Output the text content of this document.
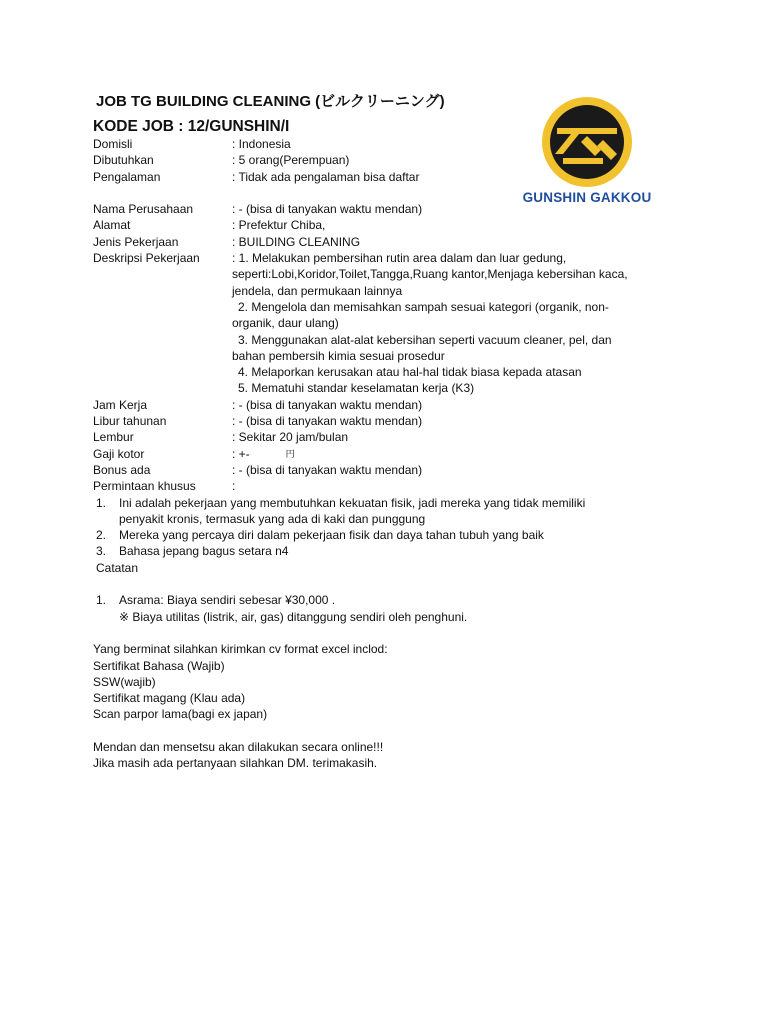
JOB TG BUILDING CLEANING (ビルクリーニング)
KODE JOB : 12/GUNSHIN/I
GUNSHIN GAKKOU
Domisli	: Indonesia
Dibutuhkan	: 5 orang(Perempuan)
Pengalaman	: Tidak ada pengalaman bisa daftar
Nama Perusahaan	: - (bisa di tanyakan waktu mendan)
Alamat	: Prefektur Chiba,
Jenis Pekerjaan	: BUILDING CLEANING
Deskripsi Pekerjaan	: 1. Melakukan pembersihan rutin area dalam dan luar gedung,
seperti:Lobi,Koridor,Toilet,Tangga,Ruang kantor,Menjaga kebersihan kaca,
jendela, dan permukaan lainnya
2. Mengelola dan memisahkan sampah sesuai kategori (organik, non-
organik, daur ulang)
3. Menggunakan alat-alat kebersihan seperti vacuum cleaner, pel, dan
bahan pembersih kimia sesuai prosedur
4. Melaporkan kerusakan atau hal-hal tidak biasa kepada atasan
5. Mematuhi standar keselamatan kerja (K3)
Jam Kerja	: - (bisa di tanyakan waktu mendan)
Libur tahunan	: - (bisa di tanyakan waktu mendan)
Lembur	: Sekitar 20 jam/bulan
Gaji kotor	: +-	円
Bonus ada	: - (bisa di tanyakan waktu mendan)
Permintaan khusus	:
1. Ini adalah pekerjaan yang membutuhkan kekuatan fisik, jadi mereka yang tidak memiliki
penyakit kronis, termasuk yang ada di kaki dan punggung
2. Mereka yang percaya diri dalam pekerjaan fisik dan daya tahan tubuh yang baik
3. Bahasa jepang bagus setara n4
Catatan
1. Asrama: Biaya sendiri sebesar ¥30,000 .
※ Biaya utilitas (listrik, air, gas) ditanggung sendiri oleh penghuni.
Yang berminat silahkan kirimkan cv format excel inclod:
Sertifikat Bahasa (Wajib)
SSW(wajib)
Sertifikat magang (Klau ada)
Scan parpor lama(bagi ex japan)
Mendan dan mensetsu akan dilakukan secara online!!!
Jika masih ada pertanyaan silahkan DM. terimakasih.
